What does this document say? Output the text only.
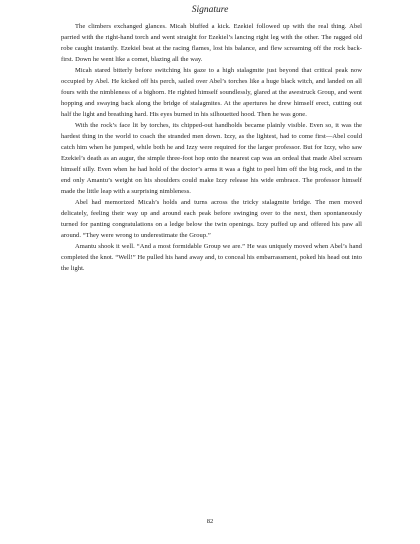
Signature

The climbers exchanged glances. Micah bluffed a kick. Ezekiel followed up with the real thing. Abel parried with the right-hand torch and went straight for Ezekiel’s lancing right leg with the other. The ragged old robe caught instantly. Ezekiel beat at the racing flames, lost his balance, and flew screaming off the rock back-first. Down he went like a comet, blazing all the way.

Micah stared bitterly before switching his gaze to a high stalagmite just beyond that critical peak now occupied by Abel. He kicked off his perch, sailed over Abel’s torches like a huge black witch, and landed on all fours with the nimbleness of a bighorn. He righted himself soundlessly, glared at the awestruck Group, and went hopping and swaying back along the bridge of stalagmites. At the apertures he drew himself erect, cutting out half the light and breathing hard. His eyes burned in his silhouetted hood. Then he was gone.

With the rock’s face lit by torches, its chipped-out handholds became plainly visible. Even so, it was the hardest thing in the world to coach the stranded men down. Izzy, as the lightest, had to come first—Abel could catch him when he jumped, while both he and Izzy were required for the larger professor. But for Izzy, who saw Ezekiel’s death as an augur, the simple three-foot hop onto the nearest cap was an ordeal that made Abel scream himself silly. Even when he had hold of the doctor’s arms it was a fight to peel him off the big rock, and in the end only Amantu’s weight on his shoulders could make Izzy release his wide embrace. The professor himself made the little leap with a surprising nimbleness.

Abel had memorized Micah’s holds and turns across the tricky stalagmite bridge. The men moved delicately, feeling their way up and around each peak before swinging over to the next, then spontaneously turned for panting congratulations on a ledge below the twin openings. Izzy puffed up and offered his paw all around. “They were wrong to underestimate the Group.”

Amantu shook it well. “And a most formidable Group we are.” He was uniquely moved when Abel’s hand completed the knot. “Well!” He pulled his hand away and, to conceal his embarrassment, poked his head out into the light.

82
